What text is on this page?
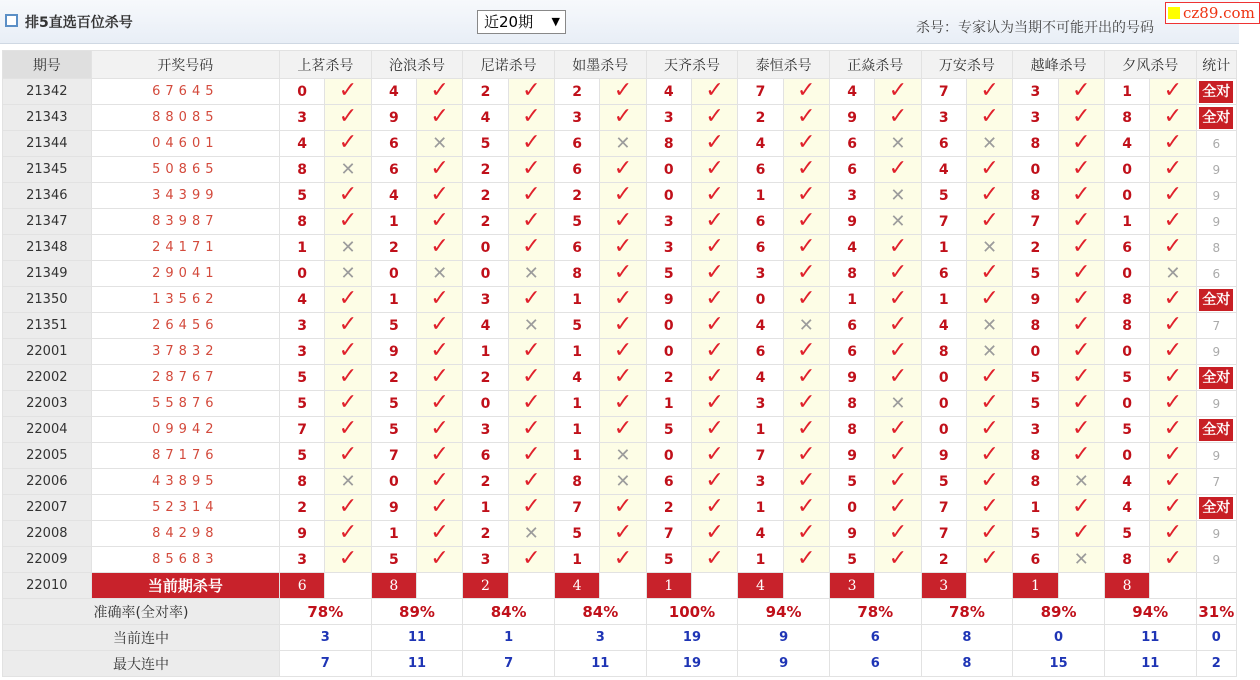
排5直选百位杀号	近20期 ▼	杀号：专家认为当期不可能开出的号码
cz89.com
期号	开奖号码	上茗杀号		沧浪杀号		尼诺杀号		如墨杀号		天齐杀号		泰恒杀号		正焱杀号		万安杀号		越峰杀号		夕风杀号		统计
21342	67645	0	✓	4	✓	2	✓	2	✓	4	✓	7	✓	4	✓	7	✓	3	✓	1	✓	全对
21343	88085	3	✓	9	✓	4	✓	3	✓	3	✓	2	✓	9	✓	3	✓	3	✓	8	✓	全对
21344	04601	4	✓	6	✕	5	✓	6	✕	8	✓	4	✓	6	✕	6	✕	8	✓	4	✓	6
21345	50865	8	✕	6	✓	2	✓	6	✓	0	✓	6	✓	6	✓	4	✓	0	✓	0	✓	9
21346	34399	5	✓	4	✓	2	✓	2	✓	0	✓	1	✓	3	✕	5	✓	8	✓	0	✓	9
21347	83987	8	✓	1	✓	2	✓	5	✓	3	✓	6	✓	9	✕	7	✓	7	✓	1	✓	9
21348	24171	1	✕	2	✓	0	✓	6	✓	3	✓	6	✓	4	✓	1	✕	2	✓	6	✓	8
21349	29041	0	✕	0	✕	0	✕	8	✓	5	✓	3	✓	8	✓	6	✓	5	✓	0	✕	6
21350	13562	4	✓	1	✓	3	✓	1	✓	9	✓	0	✓	1	✓	1	✓	9	✓	8	✓	全对
21351	26456	3	✓	5	✓	4	✕	5	✓	0	✓	4	✕	6	✓	4	✕	8	✓	8	✓	7
22001	37832	3	✓	9	✓	1	✓	1	✓	0	✓	6	✓	6	✓	8	✕	0	✓	0	✓	9
22002	28767	5	✓	2	✓	2	✓	4	✓	2	✓	4	✓	9	✓	0	✓	5	✓	5	✓	全对
22003	55876	5	✓	5	✓	0	✓	1	✓	1	✓	3	✓	8	✕	0	✓	5	✓	0	✓	9
22004	09942	7	✓	5	✓	3	✓	1	✓	5	✓	1	✓	8	✓	0	✓	3	✓	5	✓	全对
22005	87176	5	✓	7	✓	6	✓	1	✕	0	✓	7	✓	9	✓	9	✓	8	✓	0	✓	9
22006	43895	8	✕	0	✓	2	✓	8	✕	6	✓	3	✓	5	✓	5	✓	8	✕	4	✓	7
22007	52314	2	✓	9	✓	1	✓	7	✓	2	✓	1	✓	0	✓	7	✓	1	✓	4	✓	全对
22008	84298	9	✓	1	✓	2	✕	5	✓	7	✓	4	✓	9	✓	7	✓	5	✓	5	✓	9
22009	85683	3	✓	5	✓	3	✓	1	✓	5	✓	1	✓	5	✓	2	✓	6	✕	8	✓	9
22010	当前期杀号	6		8		2		4		1		4		3		3		1		8		
准确率(全对率)		78%		89%		84%		84%		100%		94%		78%		78%		89%		94%		31%
当前连中		3		11		1		3		19		9		6		8		0		11		0
最大连中		7		11		7		11		19		9		6		8		15		11		2
